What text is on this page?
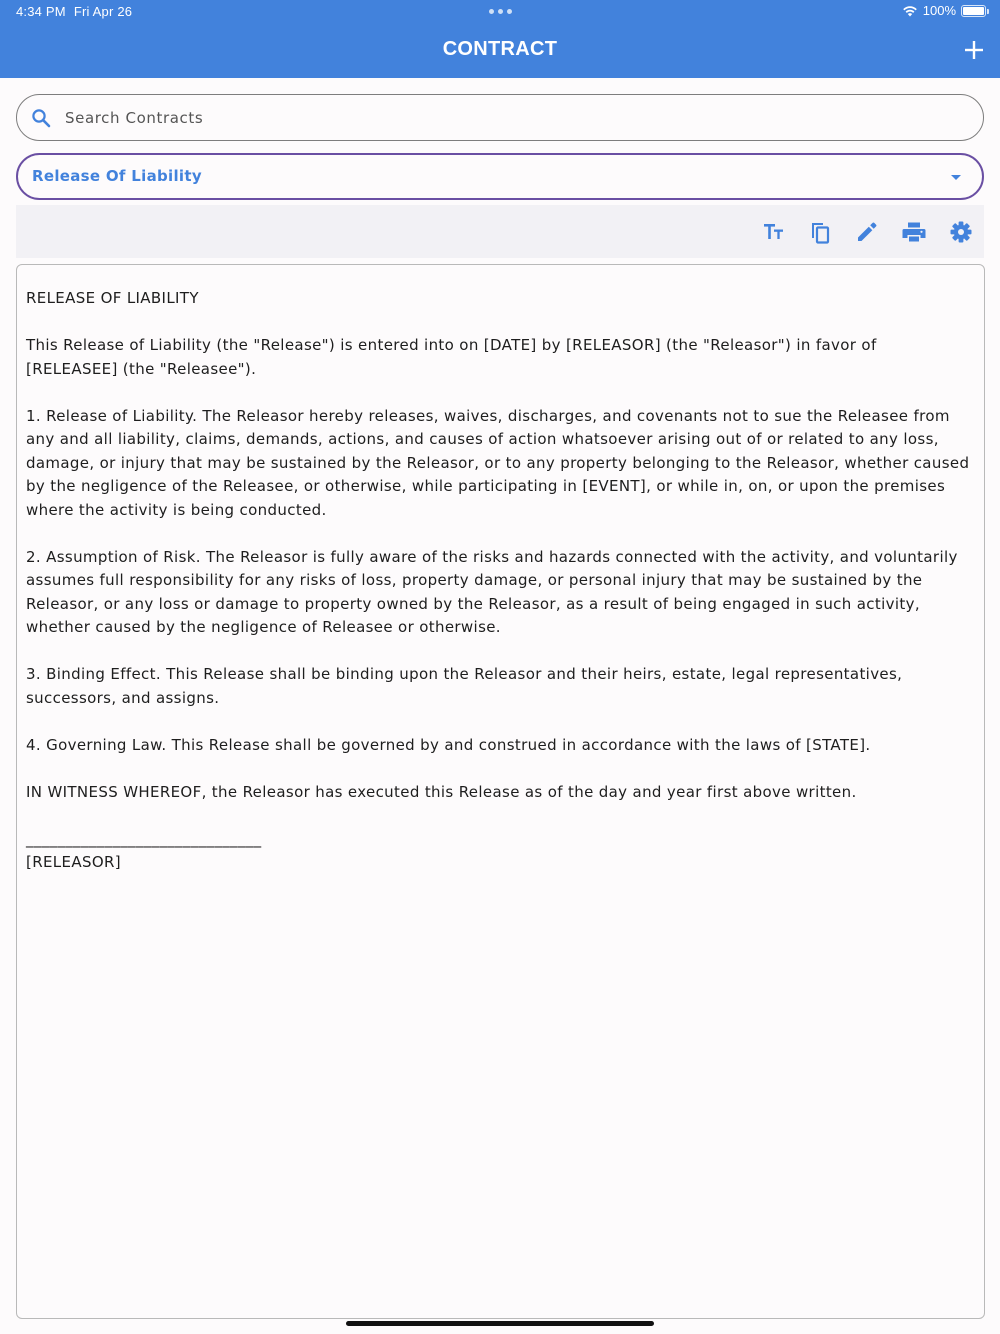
4:34 PM Fri Apr 26	100%
CONTRACT
Search Contracts
Release Of Liability

RELEASE OF LIABILITY

This Release of Liability (the "Release") is entered into on [DATE] by [RELEASOR] (the "Releasor") in favor of [RELEASEE] (the "Releasee").

1. Release of Liability. The Releasor hereby releases, waives, discharges, and covenants not to sue the Releasee from any and all liability, claims, demands, actions, and causes of action whatsoever arising out of or related to any loss, damage, or injury that may be sustained by the Releasor, or to any property belonging to the Releasor, whether caused by the negligence of the Releasee, or otherwise, while participating in [EVENT], or while in, on, or upon the premises where the activity is being conducted.

2. Assumption of Risk. The Releasor is fully aware of the risks and hazards connected with the activity, and voluntarily assumes full responsibility for any risks of loss, property damage, or personal injury that may be sustained by the Releasor, or any loss or damage to property owned by the Releasor, as a result of being engaged in such activity, whether caused by the negligence of Releasee or otherwise.

3. Binding Effect. This Release shall be binding upon the Releasor and their heirs, estate, legal representatives, successors, and assigns.

4. Governing Law. This Release shall be governed by and construed in accordance with the laws of [STATE].

IN WITNESS WHEREOF, the Releasor has executed this Release as of the day and year first above written.

______________________________

[RELEASOR]
